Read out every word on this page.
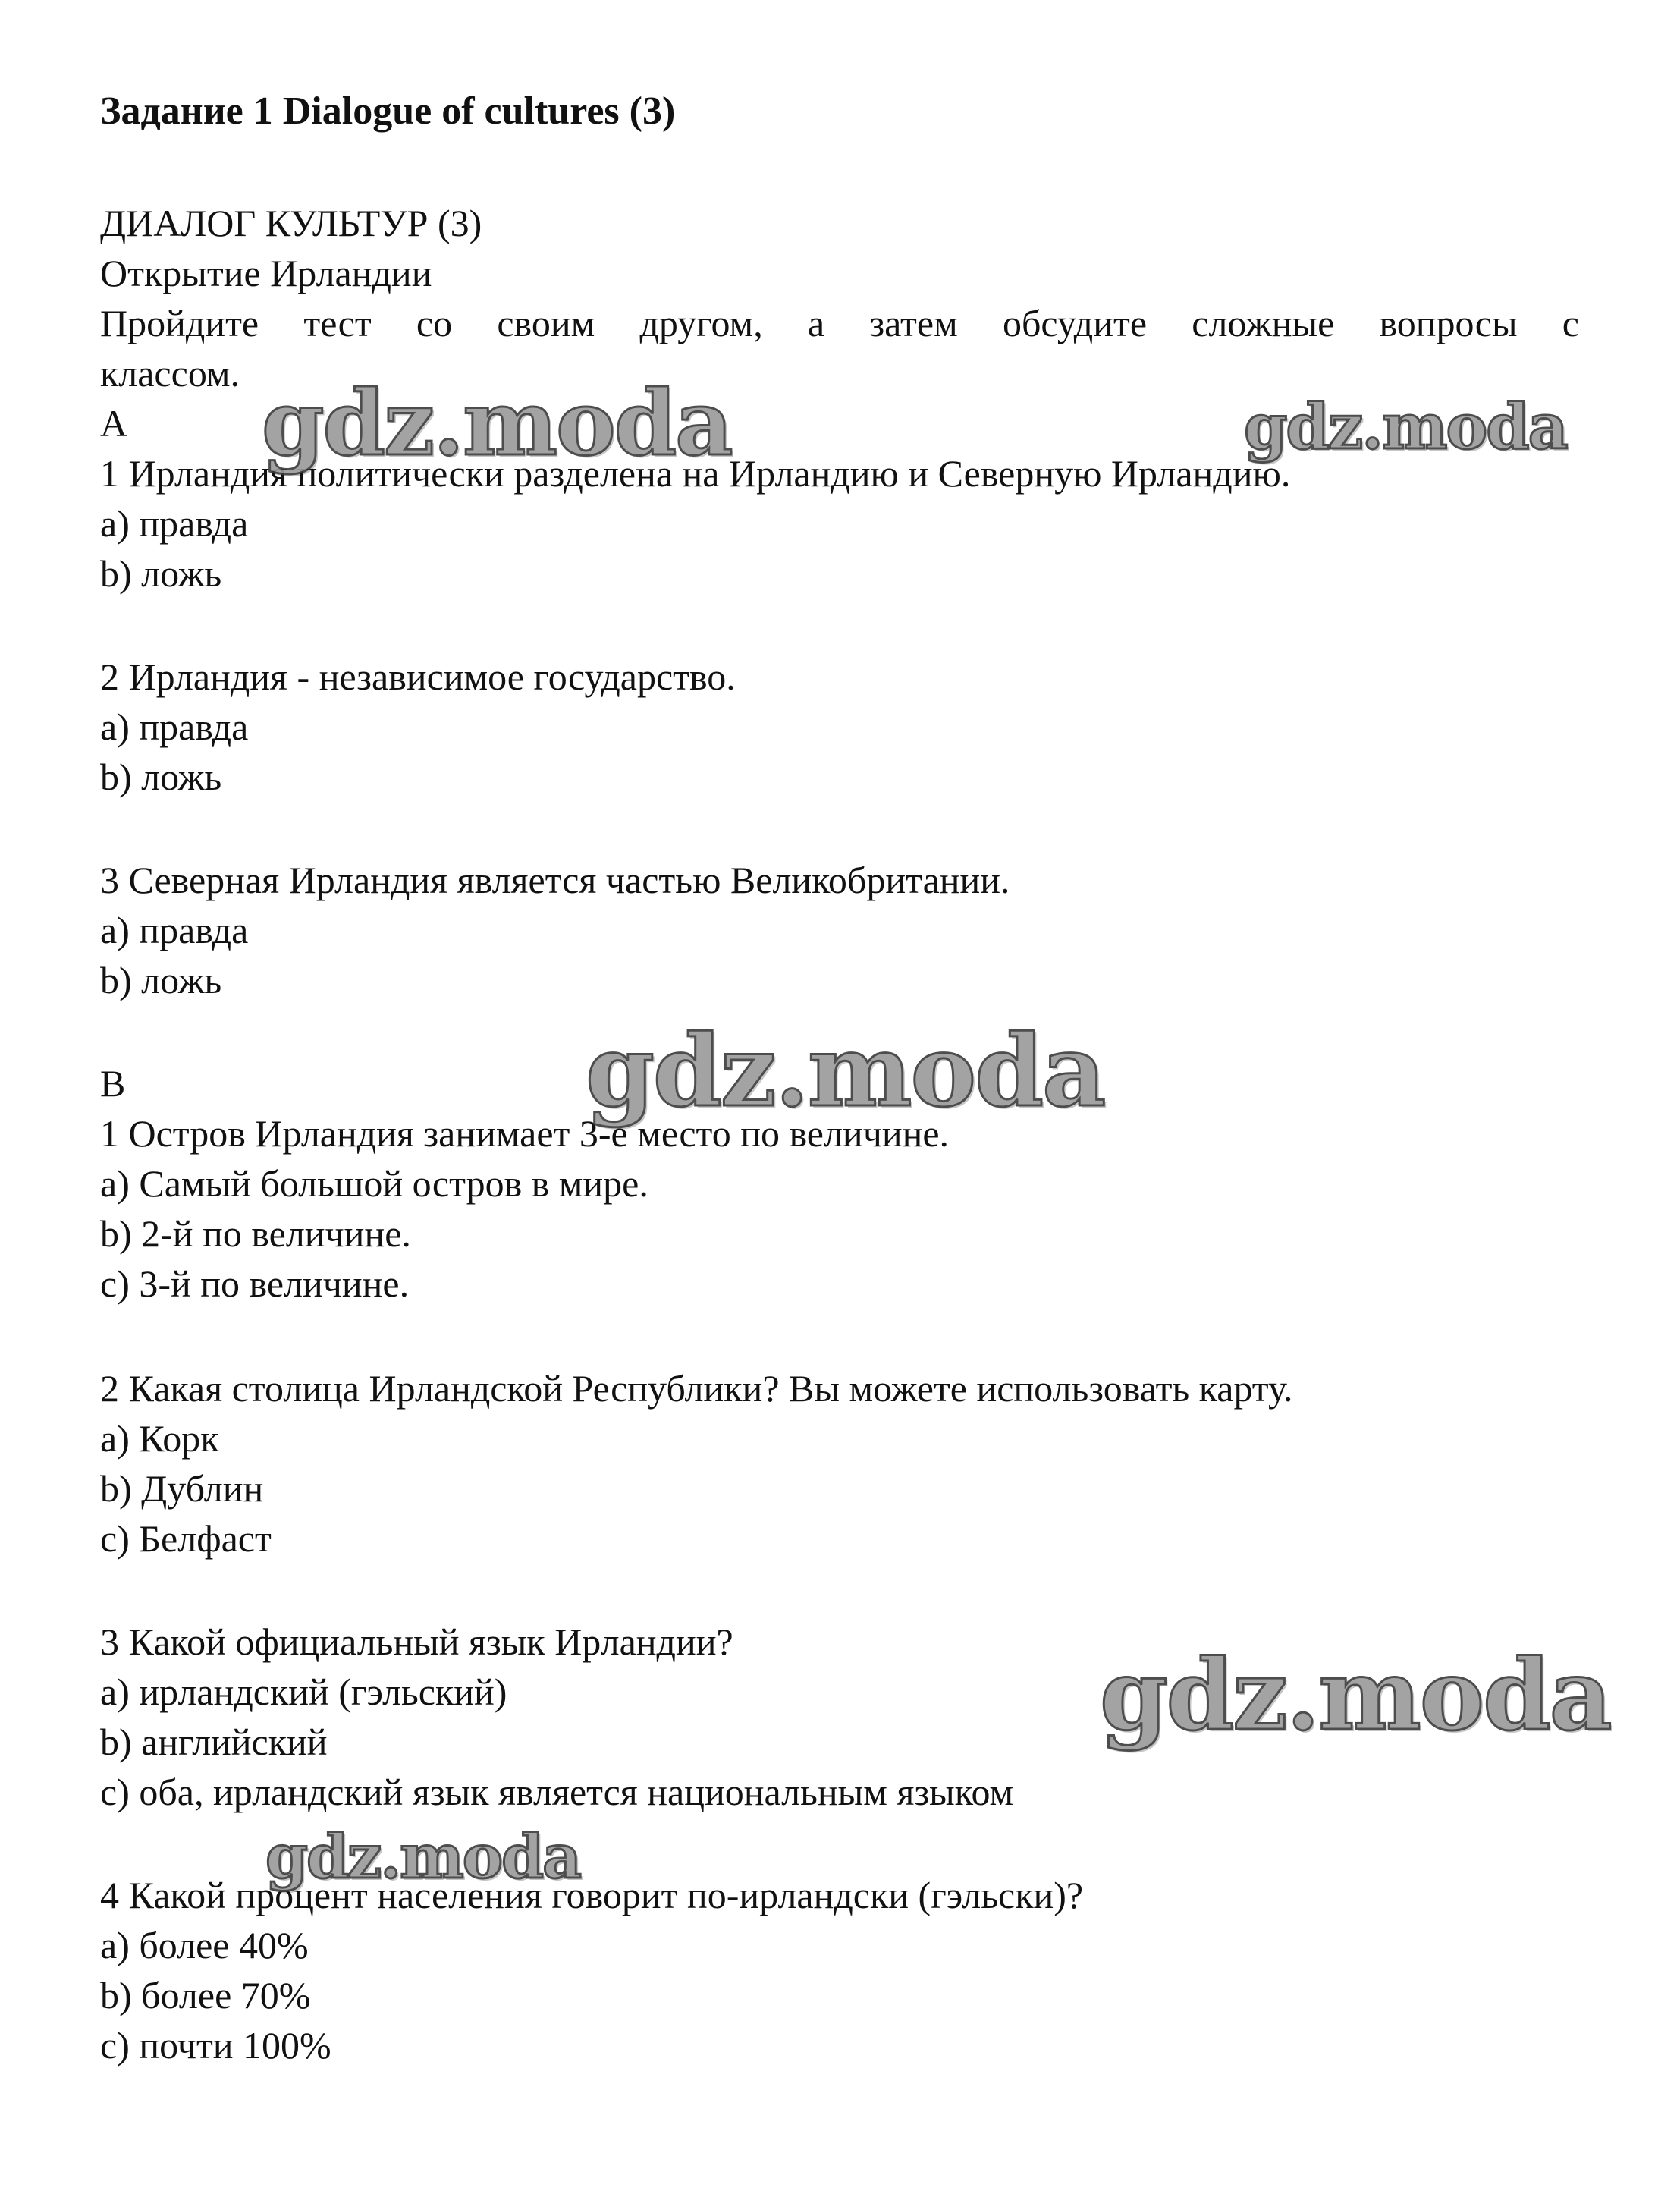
Задание 1 Dialogue of cultures (3)
ДИАЛОГ КУЛЬТУР (3)
Открытие Ирландии
Пройдите тест со своим другом, а затем обсудите сложные вопросы с
классом.
A
1 Ирландия политически разделена на Ирландию и Северную Ирландию.
a) правда
b) ложь
2 Ирландия - независимое государство.
a) правда
b) ложь
3 Северная Ирландия является частью Великобритании.
a) правда
b) ложь
B
1 Остров Ирландия занимает 3-е место по величине.
a) Самый большой остров в мире.
b) 2-й по величине.
c) 3-й по величине.
2 Какая столица Ирландской Республики? Вы можете использовать карту.
a) Корк
b) Дублин
c) Белфаст
3 Какой официальный язык Ирландии?
a) ирландский (гэльский)
b) английский
c) оба, ирландский язык является национальным языком
4 Какой процент населения говорит по-ирландски (гэльски)?
a) более 40%
b) более 70%
c) почти 100%
gdz.moda	gdz.moda
gdz.moda
gdz.moda
gdz.moda
